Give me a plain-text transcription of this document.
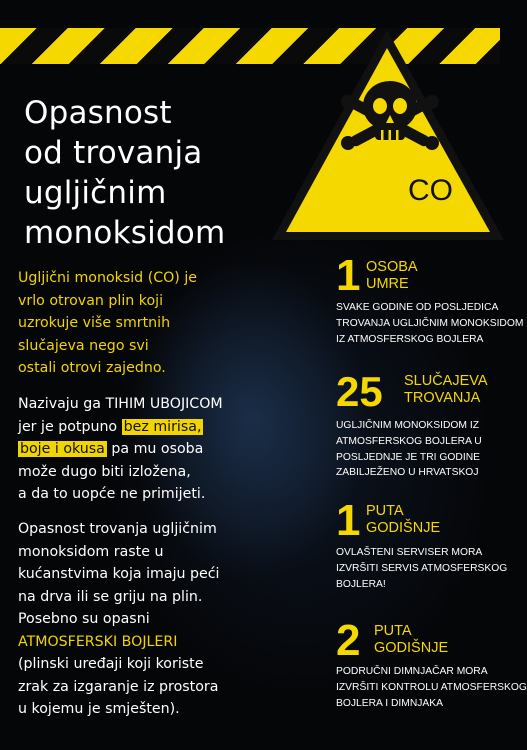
CO
Opasnost
od trovanja
ugljičnim
monoksidom
Ugljični monoksid (CO) je
vrlo otrovan plin koji
uzrokuje više smrtnih
slučajeva nego svi
ostali otrovi zajedno.
Nazivaju ga TIHIM UBOJICOM
jer je potpuno bez mirisa,
boje i okusa pa mu osoba
može dugo biti izložena,
a da to uopće ne primijeti.
Opasnost trovanja ugljičnim
monoksidom raste u
kućanstvima koja imaju peći
na drva ili se griju na plin.
Posebno su opasni
ATMOSFERSKI BOJLERI
(plinski uređaji koji koriste
zrak za izgaranje iz prostora
u kojemu je smješten).
1 OSOBA
UMRE
SVAKE GODINE OD POSLJEDICA
TROVANJA UGLJIČNIM MONOKSIDOM
IZ ATMOSFERSKOG BOJLERA
25 SLUČAJEVA
TROVANJA
UGLJIČNIM MONOKSIDOM IZ
ATMOSFERSKOG BOJLERA U
POSLJEDNJE JE TRI GODINE
ZABILJEŽENO U HRVATSKOJ
1 PUTA
GODIŠNJE
OVLAŠTENI SERVISER MORA
IZVRŠITI SERVIS ATMOSFERSKOG
BOJLERA!
2 PUTA
GODIŠNJE
PODRUČNI DIMNJAČAR MORA
IZVRŠITI KONTROLU ATMOSFERSKOG
BOJLERA I DIMNJAKA
